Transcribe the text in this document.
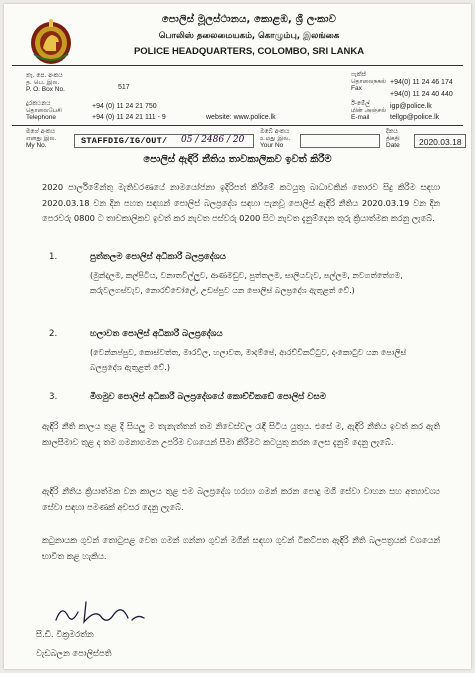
පොලිස් මූලස්ථානය, කොළඹ, ශ්‍රී ලංකාව
பொலிஸ் தலைமையகம், கொழும்பு, இலங்கை
POLICE HEADQUARTERS, COLOMBO, SRI LANKA
තැ. පෙ. අංකය
த. பெ. இல.
P. O. Box No.	517
දුරකථනය
தொலைபேசி
Telephone
+94 (0) 11 24 21 750
+94 (0) 11 24 21 111 - 9	website: www.police.lk
ෆැක්ස්
தொலைநகல்
Fax
+94(0) 11 24 46 174
+94(0) 11 24 40 440
ඊ-මේල්
மின் அஞ்சல்
E-mail
igp@police.lk
tellgp@police.lk
මගේ අංකය
எனது இல.
My No.	STAFFDIG/IG/OUT/ 05 / 2486 / 20
ඔබේ අංකය
உமது இல.
Your No
දිනය
திகதி
Date	2020.03.18
පොලිස් ඇඳිරි නීතිය තාවකාලිකව ඉවත් කිරීම
2020 පාර්ලිමේන්තු මැතිවරණයේ නාමයෝජනා ඉදිරිපත් කිරීමේ කටයුතු බාධාවකින් තොරව සිදු කිරීම සඳහා 2020.03.18 වන දින පහත සඳහන් පොලිස් බලප්‍රදේශ සඳහා පැනවූ පොලිස් ඇඳිරි නීතිය 2020.03.19 වන දින පෙරවරු 0800 ට තාවකාලිකව ඉවත් කර නැවත පස්වරු 0200 සිට නැවත දැනුම්දෙන තුරු ක්‍රියාත්මක කරනු ලැබේ.
1.	පුත්තලම පොලිස් අධිකාරී බලප්‍රදේශය
(මුන්දලම, කල්පිටිය, වනාතවිල්ලුව, ආණමඩුව, පුත්තලම, සාලියවැව, පල්ලම, නවගත්තේගම, කරුවලගස්වැව, නොරච්චෝලේ, උඩප්පුව යන පොලිස් බලප්‍රදේශ ඇතුළත් වේ.)
2.	හලාවත පොලිස් අධිකාරී බලප්‍රදේශය
(වෙන්නප්පුව, කොස්වත්ත, මාරවිල, හලාවත, මාදම්පේ, ආරච්චිකට්ටුව, දංකොටුව යන පොලිස් බලප්‍රදේශ ඇතුළත් වේ.)
3.	මීගමුව පොලිස් අධිකාරී බලප්‍රදේශයේ කොච්චිකඩේ පොලිස් වසම
ඇඳිරි නීති කාලය තුළ දී සියලු ම තැනැත්තන් තම නිවෙස්වල රැඳී සිටිය යුතුය. එසේ ම, ඇඳිරි නීතිය ඉවත් කර ඇති කාලසීමාව තුළ ද තම ගමනාගමන උපරිම වශයෙන් සීමා කිරීමට කටයුතු කරන ලෙස දැනුම් දෙනු ලැබේ.
ඇඳිරි නීතිය ක්‍රියාත්මක වන කාලය තුළ එම බලප්‍රදේශ හරහා ගමන් කරන පොදු මගී සේවා වාහන සහ අත්‍යාවශ්‍ය සේවා සඳහා පමණක් අවසර දෙනු ලැබේ.
කටුනායක ගුවන් තොටුපළ වෙත ගමන් ගන්නා ගුවන් මගීන් සඳහා ගුවන් ටිකට්පත ඇඳිරි නීති බලපත්‍රයක් වශයෙන් භාවිත කළ හැකිය.
සී.ඩී. වික්‍රමරත්න
වැඩබලන පොලිස්පති
